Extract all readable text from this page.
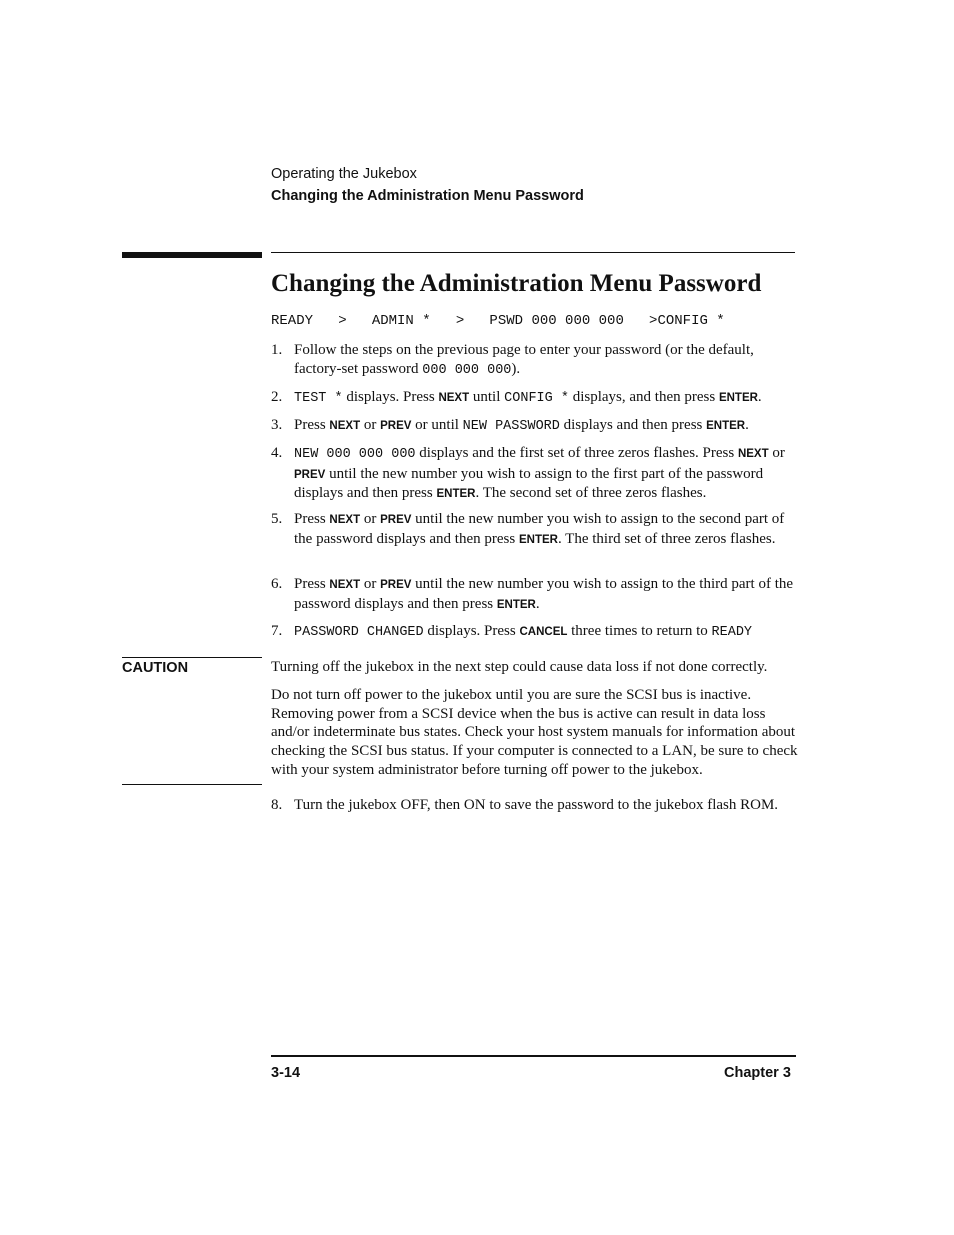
Operating the Jukebox
Changing the Administration Menu Password
Changing the Administration Menu Password
READY   >   ADMIN *   >   PSWD 000 000 000   >CONFIG *
1. Follow the steps on the previous page to enter your password (or the default, factory-set password 000 000 000).
2. TEST * displays. Press NEXT until CONFIG * displays, and then press ENTER.
3. Press NEXT or PREV or until NEW PASSWORD displays and then press ENTER.
4. NEW 000 000 000 displays and the first set of three zeros flashes. Press NEXT or PREV until the new number you wish to assign to the first part of the password displays and then press ENTER. The second set of three zeros flashes.
5. Press NEXT or PREV until the new number you wish to assign to the second part of the password displays and then press ENTER. The third set of three zeros flashes.
6. Press NEXT or PREV until the new number you wish to assign to the third part of the password displays and then press ENTER.
7. PASSWORD CHANGED displays. Press CANCEL three times to return to READY
CAUTION	Turning off the jukebox in the next step could cause data loss if not done correctly.
Do not turn off power to the jukebox until you are sure the SCSI bus is inactive. Removing power from a SCSI device when the bus is active can result in data loss and/or indeterminate bus states. Check your host system manuals for information about checking the SCSI bus status. If your computer is connected to a LAN, be sure to check with your system administrator before turning off power to the jukebox.
8. Turn the jukebox OFF, then ON to save the password to the jukebox flash ROM.
3-14	Chapter 3
